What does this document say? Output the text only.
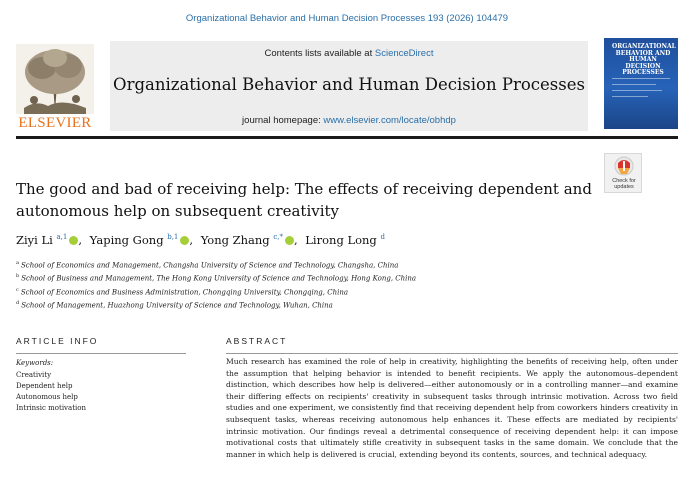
Organizational Behavior and Human Decision Processes 193 (2026) 104479
ELSEVIER
Contents lists available at ScienceDirect
Organizational Behavior and Human Decision Processes
journal homepage: www.elsevier.com/locate/obhdp
ORGANIZATIONAL BEHAVIOR AND HUMAN DECISION PROCESSES
Check for updates
The good and bad of receiving help: The effects of receiving dependent and autonomous help on subsequent creativity
Ziyi Li $^{a,1}$ , Yaping Gong $^{b,1}$ , Yong Zhang $^{c,*}$ , Lirong Long $^d$
$^a$ School of Economics and Management, Changsha University of Science and Technology, Changsha, China
$^b$ School of Business and Management, The Hong Kong University of Science and Technology, Hong Kong, China
$^c$ School of Economics and Business Administration, Chongqing University, Chongqing, China
$^d$ School of Management, Huazhong University of Science and Technology, Wuhan, China
ARTICLE INFO
Keywords:
Creativity
Dependent help
Autonomous help
Intrinsic motivation
ABSTRACT
Much research has examined the role of help in creativity, highlighting the benefits of receiving help, often under the assumption that helping behavior is intended to benefit recipients. We apply the autonomous–dependent distinction, which describes how help is delivered—either autonomously or in a controlling manner—and examine their differing effects on recipients' creativity in subsequent tasks through intrinsic motivation. Across two field studies and one experiment, we consistently find that receiving dependent help from coworkers hinders creativity in subsequent tasks, whereas receiving autonomous help enhances it. These effects are mediated by recipients' intrinsic motivation. Our findings reveal a detrimental consequence of receiving dependent help: it can impose motivational costs that ultimately stifle creativity in subsequent tasks in the same domain. We conclude that the manner in which help is delivered is crucial, extending beyond its contents, sources, and technical adequacy.
